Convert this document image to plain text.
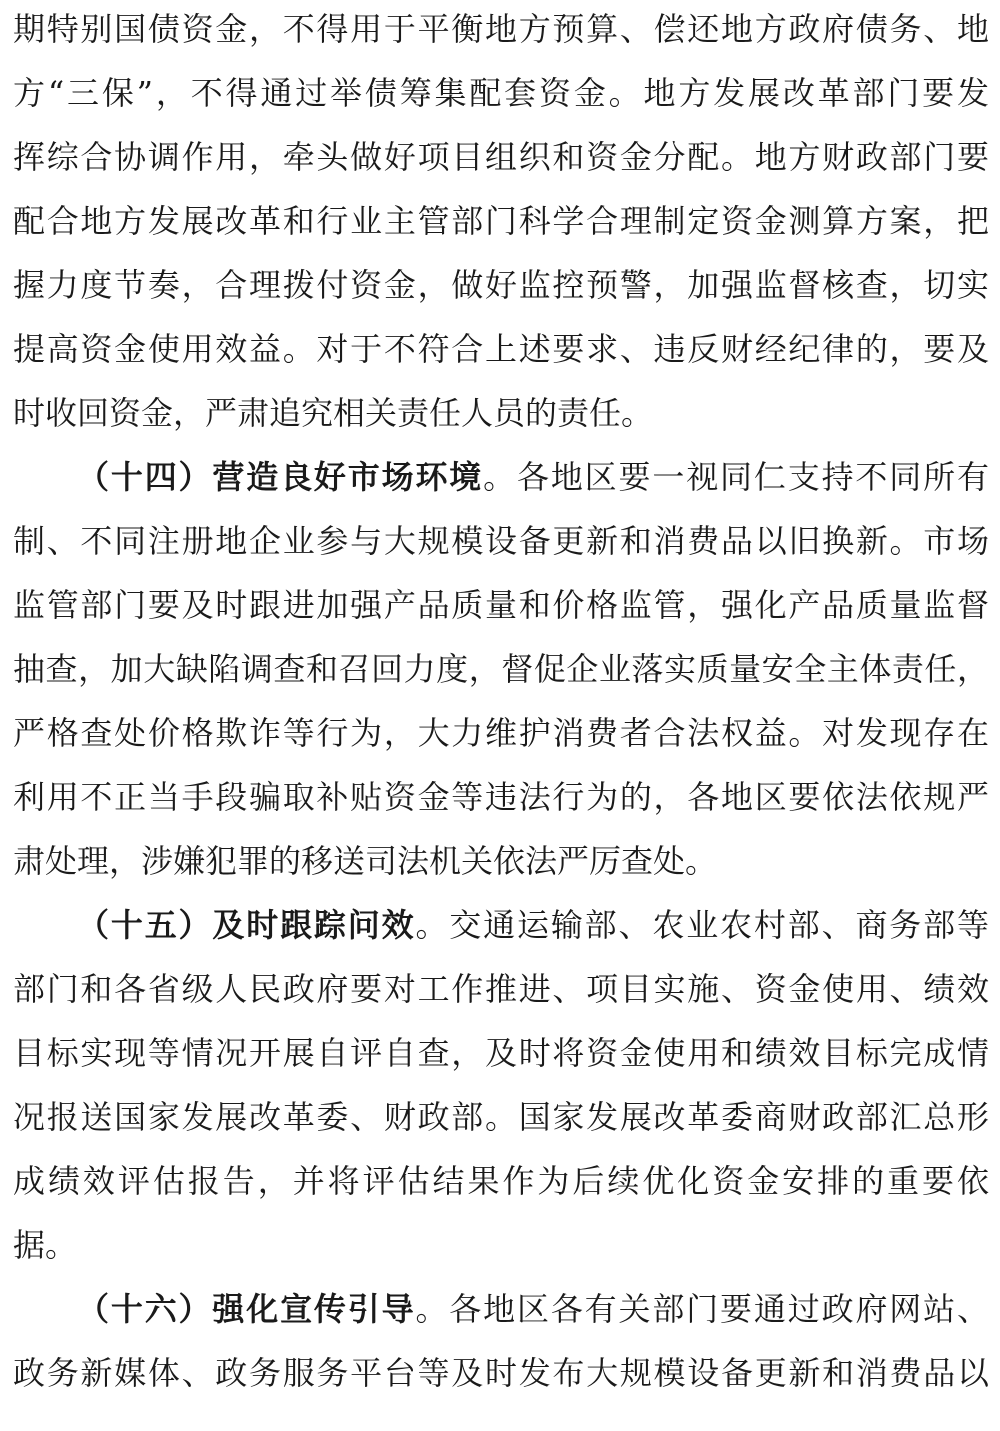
期特别国债资金，不得用于平衡地方预算、偿还地方政府债务、地
方“三保”，不得通过举债筹集配套资金。地方发展改革部门要发
挥综合协调作用，牵头做好项目组织和资金分配。地方财政部门要
配合地方发展改革和行业主管部门科学合理制定资金测算方案，把
握力度节奏，合理拨付资金，做好监控预警，加强监督核查，切实
提高资金使用效益。对于不符合上述要求、违反财经纪律的，要及
时收回资金，严肃追究相关责任人员的责任。
（十四）营造良好市场环境。各地区要一视同仁支持不同所有
制、不同注册地企业参与大规模设备更新和消费品以旧换新。市场
监管部门要及时跟进加强产品质量和价格监管，强化产品质量监督
抽查，加大缺陷调查和召回力度，督促企业落实质量安全主体责任，
严格查处价格欺诈等行为，大力维护消费者合法权益。对发现存在
利用不正当手段骗取补贴资金等违法行为的，各地区要依法依规严
肃处理，涉嫌犯罪的移送司法机关依法严厉查处。
（十五）及时跟踪问效。交通运输部、农业农村部、商务部等
部门和各省级人民政府要对工作推进、项目实施、资金使用、绩效
目标实现等情况开展自评自查，及时将资金使用和绩效目标完成情
况报送国家发展改革委、财政部。国家发展改革委商财政部汇总形
成绩效评估报告，并将评估结果作为后续优化资金安排的重要依
据。
（十六）强化宣传引导。各地区各有关部门要通过政府网站、
政务新媒体、政务服务平台等及时发布大规模设备更新和消费品以
